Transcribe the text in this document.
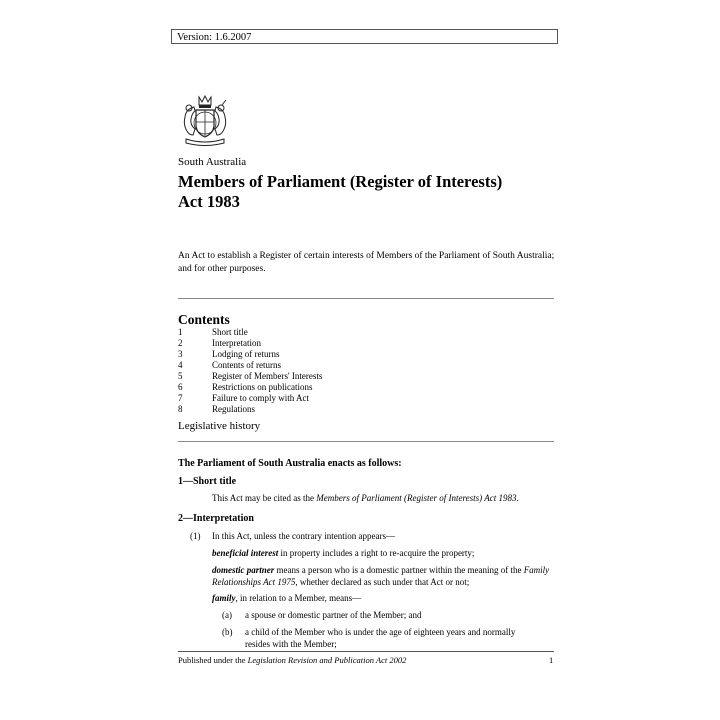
Version: 1.6.2007
South Australia
Members of Parliament (Register of Interests)
Act 1983
An Act to establish a Register of certain interests of Members of the Parliament of South Australia; and for other purposes.
Contents
1	Short title
2	Interpretation
3	Lodging of returns
4	Contents of returns
5	Register of Members' Interests
6	Restrictions on publications
7	Failure to comply with Act
8	Regulations
Legislative history
The Parliament of South Australia enacts as follows:
1—Short title
This Act may be cited as the Members of Parliament (Register of Interests) Act 1983.
2—Interpretation
(1) In this Act, unless the contrary intention appears—
beneficial interest in property includes a right to re-acquire the property;
domestic partner means a person who is a domestic partner within the meaning of the Family Relationships Act 1975, whether declared as such under that Act or not;
family, in relation to a Member, means—
(a) a spouse or domestic partner of the Member; and
(b) a child of the Member who is under the age of eighteen years and normally
resides with the Member;
Published under the Legislation Revision and Publication Act 2002	1
